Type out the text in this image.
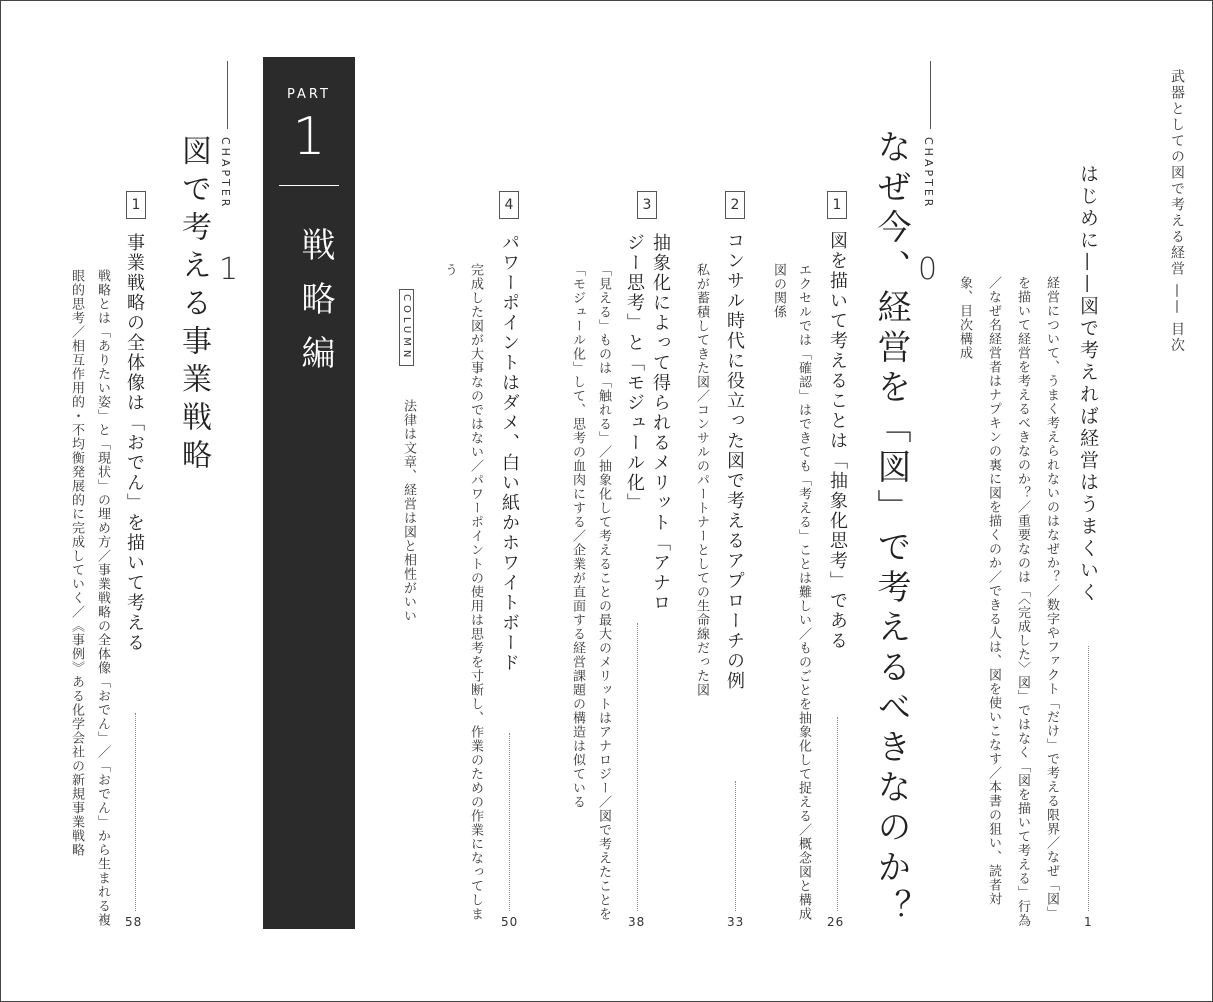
武器としての図で考える経営 —— 目次
はじめに——図で考えれば経営はうまくいく
1
経営について、うまく考えられないのはなぜか？／数字やファクト「だけ」で考える限界／なぜ「図」を描いて経営を考えるべきなのか？／重要なのは「〈完成した〉図」ではなく「図を描いて考える」行為／なぜ名経営者はナプキンの裏に図を描くのか／できる人は、図を使いこなす／本書の狙い、読者対象、目次構成
CHAPTER
0
なぜ今、経営を「図」で考えるべきなのか？
1
図を描いて考えることは「抽象化思考」である
26
エクセルでは「確認」はできても「考える」ことは難しい／ものごとを抽象化して捉える／概念図と構成図の関係
2
コンサル時代に役立った図で考えるアプローチの例
33
私が蓄積してきた図／コンサルのパートナーとしての生命線だった図
3
抽象化によって得られるメリット「アナロジー思考」と「モジュール化」
38
「見える」ものは「触れる」／抽象化して考えることの最大のメリットはアナロジー／図で考えたことを「モジュール化」して、思考の血肉にする／企業が直面する経営課題の構造は似ている
4
パワーポイントはダメ、白い紙かホワイトボード
50
完成した図が大事なのではない／パワーポイントの使用は思考を寸断し、作業のための作業になってしまう
COLUMN
法律は文章、経営は図と相性がいい
PART
1
戦略編
CHAPTER
1
図で考える事業戦略
1
事業戦略の全体像は「おでん」を描いて考える
58
戦略とは「ありたい姿」と「現状」の埋め方／事業戦略の全体像「おでん」／「おでん」から生まれる複眼的思考／相互作用的・不均衡発展的に完成していく／《事例》ある化学会社の新規事業戦略
